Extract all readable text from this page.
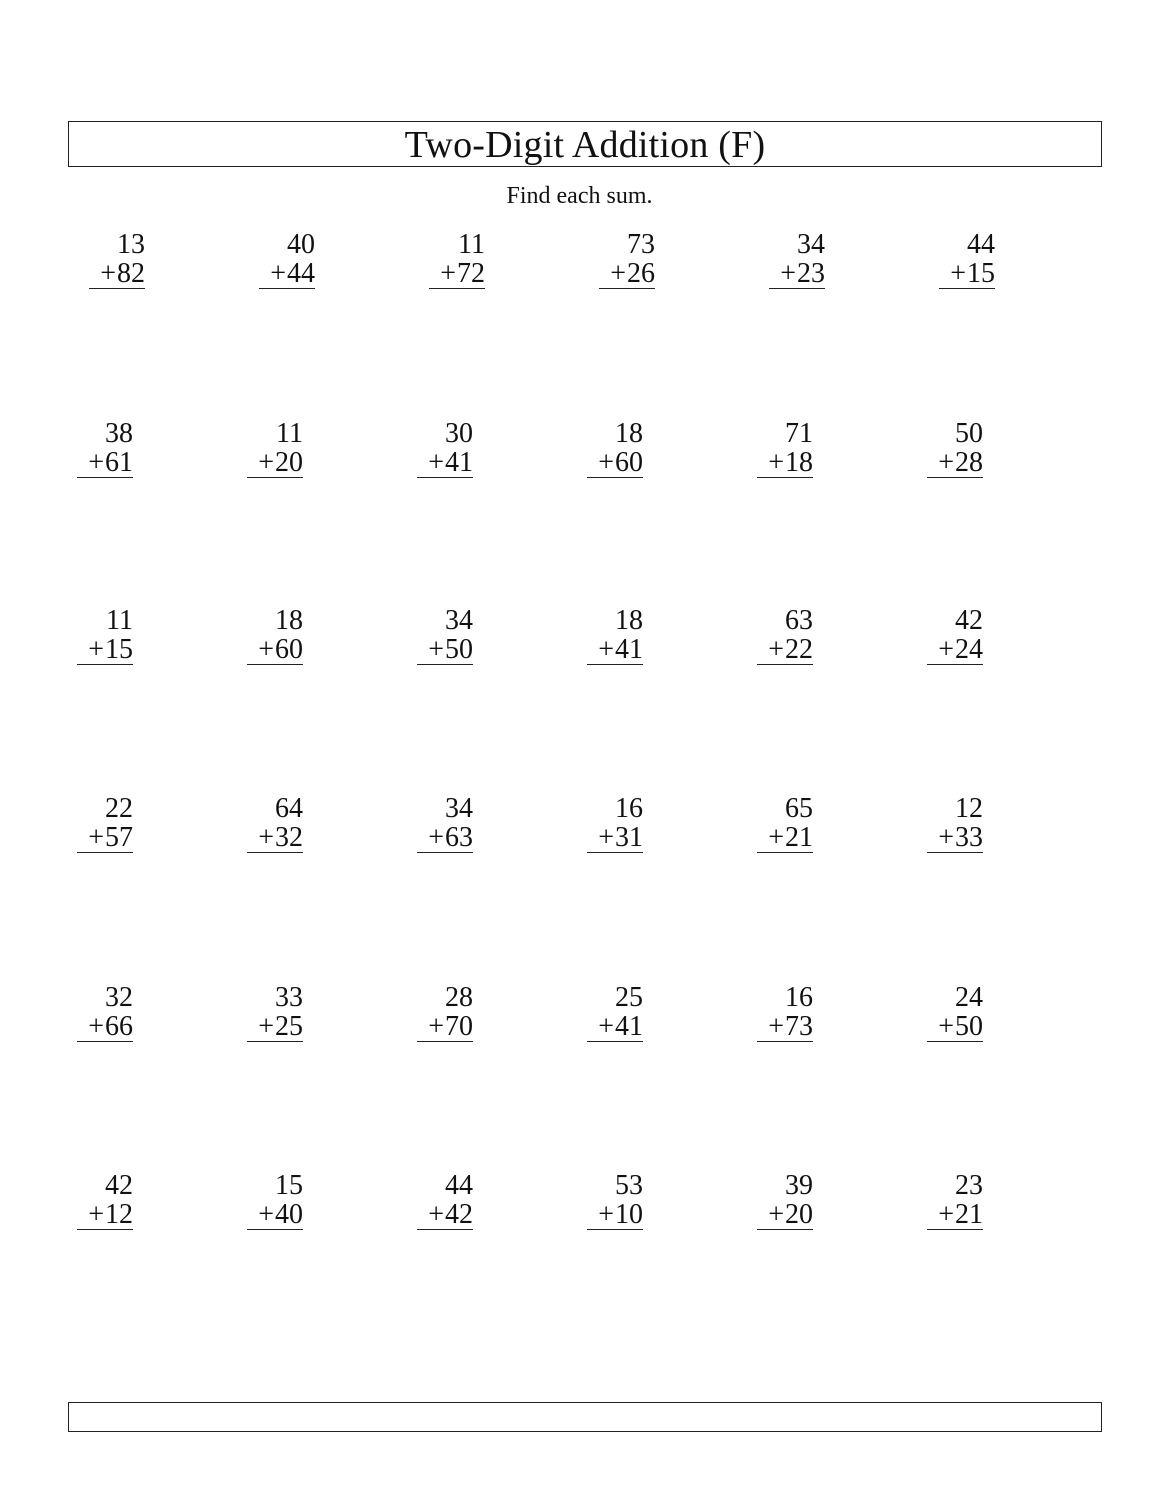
Two-Digit Addition (F)
Find each sum.
13
+ 82
40
+ 44
11
+ 72
73
+ 26
34
+ 23
44
+ 15
38
+ 61
11
+ 20
30
+ 41
18
+ 60
71
+ 18
50
+ 28
11
+ 15
18
+ 60
34
+ 50
18
+ 41
63
+ 22
42
+ 24
22
+ 57
64
+ 32
34
+ 63
16
+ 31
65
+ 21
12
+ 33
32
+ 66
33
+ 25
28
+ 70
25
+ 41
16
+ 73
24
+ 50
42
+ 12
15
+ 40
44
+ 42
53
+ 10
39
+ 20
23
+ 21
